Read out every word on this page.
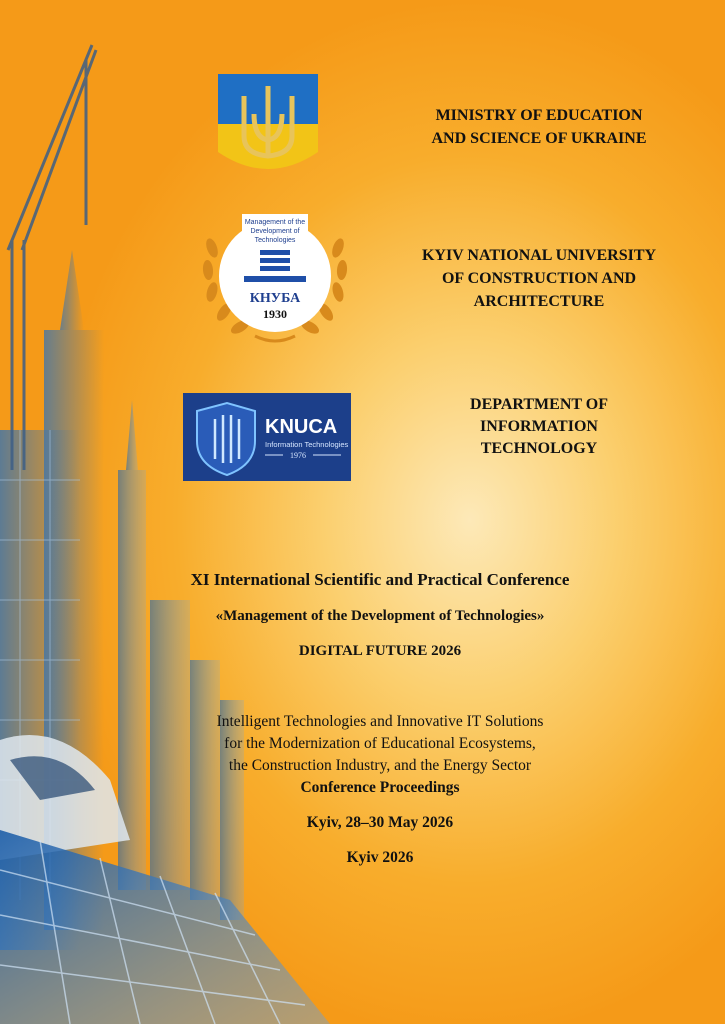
Management of the
Development of
Technologies
КНУБА
1930
KNUCA
Information Technologies
1976
MINISTRY OF EDUCATION
AND SCIENCE OF UKRAINE
KYIV NATIONAL UNIVERSITY
OF CONSTRUCTION AND
ARCHITECTURE
DEPARTMENT OF
INFORMATION
TECHNOLOGY
XI International Scientific and Practical Conference
«Management of the Development of Technologies»
DIGITAL FUTURE 2026
Intelligent Technologies and Innovative IT Solutions
for the Modernization of Educational Ecosystems,
the Construction Industry, and the Energy Sector
Conference Proceedings
Kyiv, 28–30 May 2026
Kyiv 2026
